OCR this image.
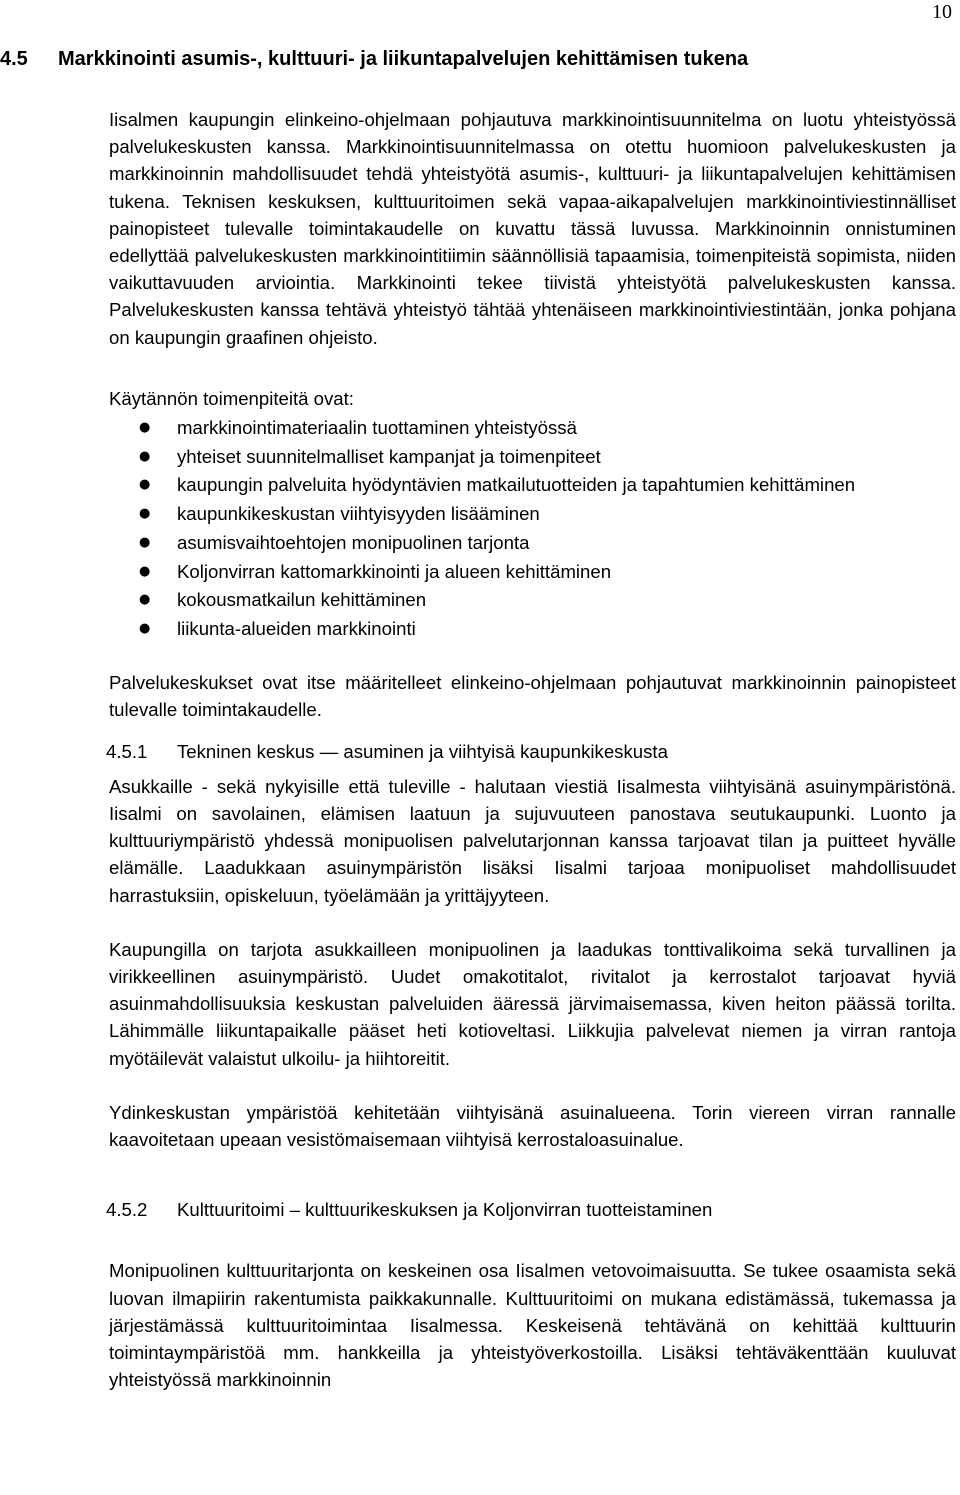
10
4.5 Markkinointi asumis-, kulttuuri- ja liikuntapalvelujen kehittämisen tukena

Iisalmen kaupungin elinkeino-ohjelmaan pohjautuva markkinointisuunnitelma on luotu yhteistyössä palvelukeskusten kanssa. Markkinointisuunnitelmassa on otettu huomioon palvelukeskusten ja markkinoinnin mahdollisuudet tehdä yhteistyötä asumis-, kulttuuri- ja liikuntapalvelujen kehittämisen tukena. Teknisen keskuksen, kulttuuritoimen sekä vapaa-aikapalvelujen markkinointiviestinnälliset painopisteet tulevalle toimintakaudelle on kuvattu tässä luvussa. Markkinoinnin onnistuminen edellyttää palvelukeskusten markkinointitiimin säännöllisiä tapaamisia, toimenpiteistä sopimista, niiden vaikuttavuuden arviointia. Markkinointi tekee tiivistä yhteistyötä palvelukeskusten kanssa. Palvelukeskusten kanssa tehtävä yhteistyö tähtää yhtenäiseen markkinointiviestintään, jonka pohjana on kaupungin graafinen ohjeisto.

Käytännön toimenpiteitä ovat:

● markkinointimateriaalin tuottaminen yhteistyössä
● yhteiset suunnitelmalliset kampanjat ja toimenpiteet
● kaupungin palveluita hyödyntävien matkailutuotteiden ja tapahtumien kehittäminen
● kaupunkikeskustan viihtyisyyden lisääminen
● asumisvaihtoehtojen monipuolinen tarjonta
● Koljonvirran kattomarkkinointi ja alueen kehittäminen
● kokousmatkailun kehittäminen
● liikunta-alueiden markkinointi

Palvelukeskukset ovat itse määritelleet elinkeino-ohjelmaan pohjautuvat markkinoinnin painopisteet tulevalle toimintakaudelle.

4.5.1 Tekninen keskus — asuminen ja viihtyisä kaupunkikeskusta

Asukkaille - sekä nykyisille että tuleville - halutaan viestiä Iisalmesta viihtyisänä asuinympäristönä. Iisalmi on savolainen, elämisen laatuun ja sujuvuuteen panostava seutukaupunki. Luonto ja kulttuuriympäristö yhdessä monipuolisen palvelutarjonnan kanssa tarjoavat tilan ja puitteet hyvälle elämälle. Laadukkaan asuinympäristön lisäksi Iisalmi tarjoaa monipuoliset mahdollisuudet harrastuksiin, opiskeluun, työelämään ja yrittäjyyteen.

Kaupungilla on tarjota asukkailleen monipuolinen ja laadukas tonttivalikoima sekä turvallinen ja virikkeellinen asuinympäristö. Uudet omakotitalot, rivitalot ja kerrostalot tarjoavat hyviä asuinmahdollisuuksia keskustan palveluiden ääressä järvimaisemassa, kiven heiton päässä torilta. Lähimmälle liikuntapaikalle pääset heti kotioveltasi. Liikkujia palvelevat niemen ja virran rantoja myötäilevät valaistut ulkoilu- ja hiihtoreitit.

Ydinkeskustan ympäristöä kehitetään viihtyisänä asuinalueena. Torin viereen virran rannalle kaavoitetaan upeaan vesistömaisemaan viihtyisä kerrostaloasuinalue.

4.5.2 Kulttuuritoimi – kulttuurikeskuksen ja Koljonvirran tuotteistaminen

Monipuolinen kulttuuritarjonta on keskeinen osa Iisalmen vetovoimaisuutta. Se tukee osaamista sekä luovan ilmapiirin rakentumista paikkakunnalle. Kulttuuritoimi on mukana edistämässä, tukemassa ja järjestämässä kulttuuritoimintaa Iisalmessa. Keskeisenä tehtävänä on kehittää kulttuurin toimintaympäristöä mm. hankkeilla ja yhteistyöverkostoilla. Lisäksi tehtäväkenttään kuuluvat yhteistyössä markkinoinnin
